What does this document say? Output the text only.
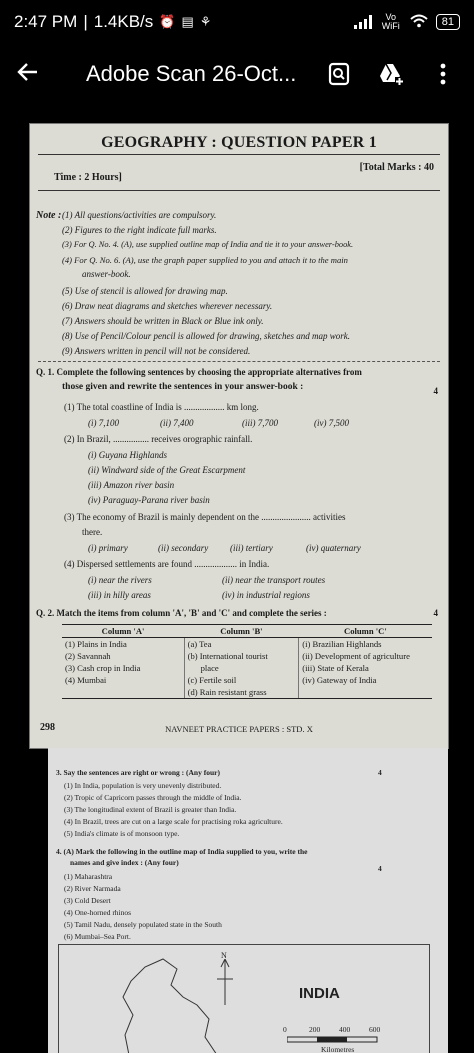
2:47 PM | 1.4KB/s ⏰ ▤ ⚘	Vo WiFi	81
Adobe Scan 26-Oct...
GEOGRAPHY : QUESTION PAPER 1
[Total Marks : 40
Time : 2 Hours]
Note : (1) All questions/activities are compulsory.
(2) Figures to the right indicate full marks.
(3) For Q. No. 4. (A), use supplied outline map of India and tie it to your answer-book.
(4) For Q. No. 6. (A), use the graph paper supplied to you and attach it to the main
answer-book.
(5) Use of stencil is allowed for drawing map.
(6) Draw neat diagrams and sketches wherever necessary.
(7) Answers should be written in Black or Blue ink only.
(8) Use of Pencil/Colour pencil is allowed for drawing, sketches and map work.
(9) Answers written in pencil will not be considered.
Q. 1. Complete the following sentences by choosing the appropriate alternatives from
those given and rewrite the sentences in your answer-book :	4
(1) The total coastline of India is .................. km long.
(i) 7,100	(ii) 7,400	(iii) 7,700	(iv) 7,500
(2) In Brazil, ................ receives orographic rainfall.
(i) Guyana Highlands
(ii) Windward side of the Great Escarpment
(iii) Amazon river basin
(iv) Paraguay-Parana river basin
(3) The economy of Brazil is mainly dependent on the ...................... activities
there.
(i) primary	(ii) secondary (iii) tertiary	(iv) quaternary
(4) Dispersed settlements are found ................... in India.
(i) near the rivers	(ii) near the transport routes
(iii) in hilly areas	(iv) in industrial regions
Q. 2. Match the items from column 'A', 'B' and 'C' and complete the series :	4
Column 'A'	Column 'B'	Column 'C'
(1) Plains in India	(a) Tea	(i) Brazilian Highlands
(2) Savannah	(b) International tourist	(ii) Development of agriculture
(3) Cash crop in India	place	(iii) State of Kerala
(4) Mumbai	(c) Fertile soil	(iv) Gateway of India
	(d) Rain resistant grass	
298	NAVNEET PRACTICE PAPERS : STD. X
3. Say the sentences are right or wrong : (Any four)	4
(1) In India, population is very unevenly distributed.
(2) Tropic of Capricorn passes through the middle of India.
(3) The longitudinal extent of Brazil is greater than India.
(4) In Brazil, trees are cut on a large scale for practising roka agriculture.
(5) India's climate is of monsoon type.
4. (A) Mark the following in the outline map of India supplied to you, write the
names and give index : (Any four)
4
(1) Maharashtra
(2) River Narmada
(3) Cold Desert
(4) One-horned rhinos
(5) Tamil Nadu, densely populated state in the South
(6) Mumbai–Sea Port.
N
INDIA
0	200	400	600
Kilometres
